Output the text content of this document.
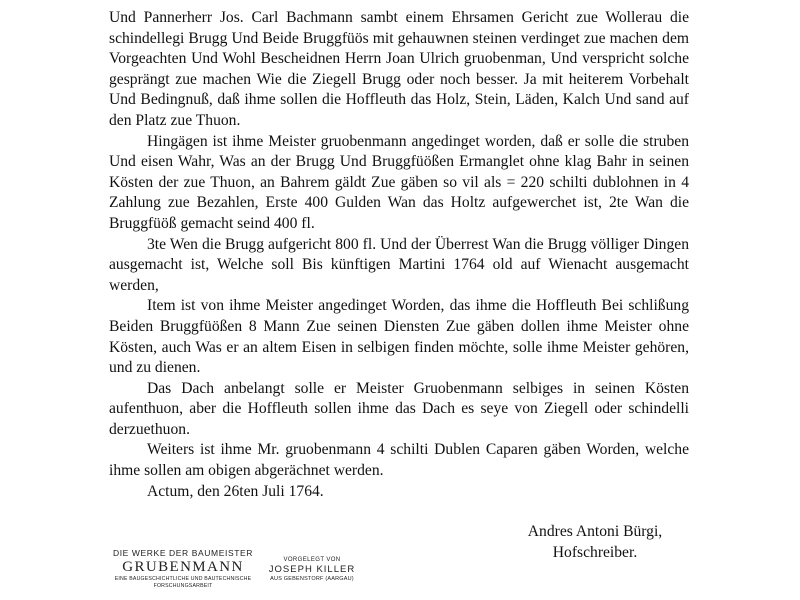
Und Pannerherr Jos. Carl Bachmann sambt einem Ehrsamen Gericht zue Wollerau die schindellegi Brugg Und Beide Bruggfüös mit gehauwnen steinen verdinget zue machen dem Vorgeachten Und Wohl Bescheidnen Herrn Joan Ulrich gruobenman, Und verspricht solche gesprängt zue machen Wie die Ziegell Brugg oder noch besser. Ja mit heiterem Vorbehalt Und Bedingnuß, daß ihme sollen die Hoffleuth das Holz, Stein, Läden, Kalch Und sand auf den Platz zue Thuon.

Hingägen ist ihme Meister gruobenmann angedinget worden, daß er solle die struben Und eisen Wahr, Was an der Brugg Und Bruggfüößen Ermanglet ohne klag Bahr in seinen Kösten der zue Thuon, an Bahrem gäldt Zue gäben so vil als = 220 schilti dublohnen in 4 Zahlung zue Bezahlen, Erste 400 Gulden Wan das Holtz aufgewerchet ist, 2te Wan die Bruggfüöß gemacht seind 400 fl.

3te Wen die Brugg aufgericht 800 fl. Und der Überrest Wan die Brugg völliger Dingen ausgemacht ist, Welche soll Bis künftigen Martini 1764 old auf Wienacht ausgemacht werden,

Item ist von ihme Meister angedinget Worden, das ihme die Hoffleuth Bei schlißung Beiden Bruggfüößen 8 Mann Zue seinen Diensten Zue gäben dollen ihme Meister ohne Kösten, auch Was er an altem Eisen in selbigen finden möchte, solle ihme Meister gehören, und zu dienen.

Das Dach anbelangt solle er Meister Gruobenmann selbiges in seinen Kösten aufenthuon, aber die Hoffleuth sollen ihme das Dach es seye von Ziegell oder schindelli derzuethuon.

Weiters ist ihme Mr. gruobenmann 4 schilti Dublen Caparen gäben Worden, welche ihme sollen am obigen abgerächnet werden.

Actum, den 26ten Juli 1764.

Andres Antoni Bürgi,
Hofschreiber.
DIE WERKE DER BAUMEISTER
GRUBENMANN
EINE BAUGESCHICHTLICHE UND BAUTECHNISCHE
FORSCHUNGSARBEIT
VORGELEGT VON
JOSEPH KILLER
AUS GEBENSTORF (AARGAU)
